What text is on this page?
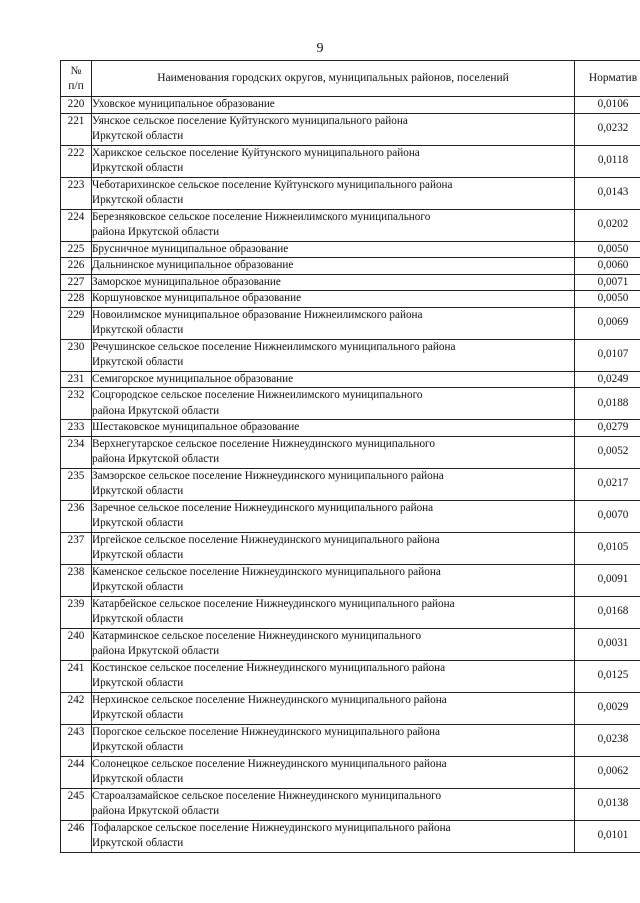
9
№
п/п	Наименования городских округов, муниципальных районов, поселений	Норматив
220	Уховское муниципальное образование	0,0106
221	Уянское сельское поселение Куйтунского муниципального района
Иркутской области	0,0232
222	Харикское сельское поселение Куйтунского муниципального района
Иркутской области	0,0118
223	Чеботарихинское сельское поселение Куйтунского муниципального района
Иркутской области	0,0143
224	Березняковское сельское поселение Нижнеилимского муниципального
района Иркутской области	0,0202
225	Брусничное муниципальное образование	0,0050
226	Дальнинское муниципальное образование	0,0060
227	Заморское муниципальное образование	0,0071
228	Коршуновское муниципальное образование	0,0050
229	Новоилимское муниципальное образование Нижнеилимского района
Иркутской области	0,0069
230	Речушинское сельское поселение Нижнеилимского муниципального района
Иркутской области	0,0107
231	Семигорское муниципальное образование	0,0249
232	Соцгородское сельское поселение Нижнеилимского муниципального
района Иркутской области	0,0188
233	Шестаковское муниципальное образование	0,0279
234	Верхнегутарское сельское поселение Нижнеудинского муниципального
района Иркутской области	0,0052
235	Замзорское сельское поселение Нижнеудинского муниципального района
Иркутской области	0,0217
236	Заречное сельское поселение Нижнеудинского муниципального района
Иркутской области	0,0070
237	Иргейское сельское поселение Нижнеудинского муниципального района
Иркутской области	0,0105
238	Каменское сельское поселение Нижнеудинского муниципального района
Иркутской области	0,0091
239	Катарбейское сельское поселение Нижнеудинского муниципального района
Иркутской области	0,0168
240	Катарминское сельское поселение Нижнеудинского муниципального
района Иркутской области	0,0031
241	Костинское сельское поселение Нижнеудинского муниципального района
Иркутской области	0,0125
242	Нерхинское сельское поселение Нижнеудинского муниципального района
Иркутской области	0,0029
243	Порогское сельское поселение Нижнеудинского муниципального района
Иркутской области	0,0238
244	Солонецкое сельское поселение Нижнеудинского муниципального района
Иркутской области	0,0062
245	Староалзамайское сельское поселение Нижнеудинского муниципального
района Иркутской области	0,0138
246	Тофаларское сельское поселение Нижнеудинского муниципального района
Иркутской области	0,0101
